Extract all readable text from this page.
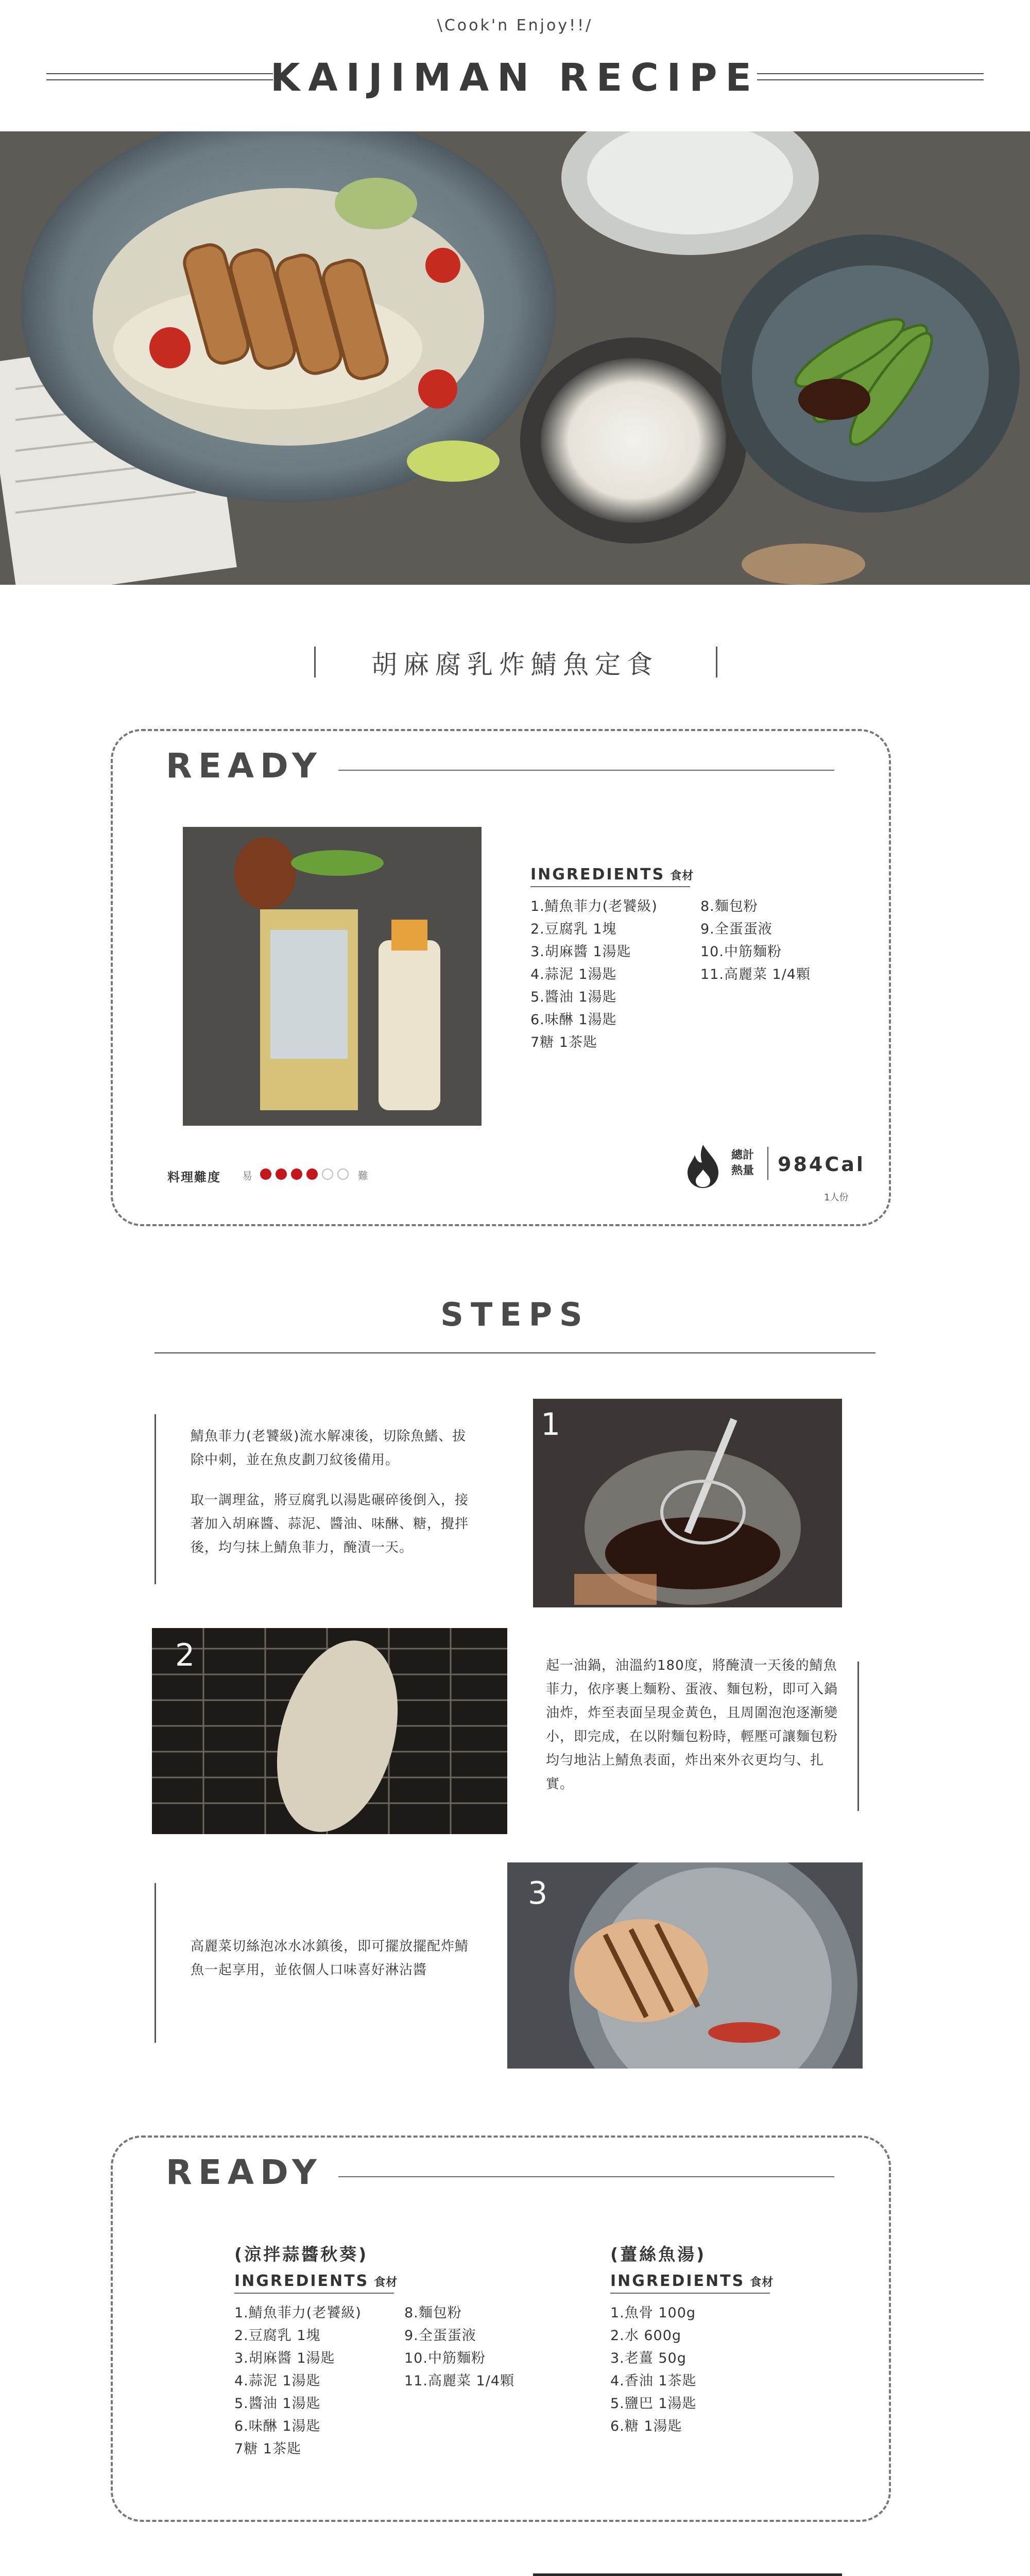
\Cook'n Enjoy!!/
KAIJIMAN RECIPE
胡麻腐乳炸鯖魚定食
READY
INGREDIENTS 食材
1.鯖魚菲力(老饕級)
2.豆腐乳 1塊
3.胡麻醬 1湯匙
4.蒜泥 1湯匙
5.醬油 1湯匙
6.味醂 1湯匙
7糖 1茶匙
8.麵包粉
9.全蛋蛋液
10.中筋麵粉
11.高麗菜 1/4顆
料理難度 易	難
總計熱量	984Cal
1人份
STEPS

鯖魚菲力(老饕級)流水解凍後，切除魚鰭、拔除中刺，並在魚皮劃刀紋後備用。

取一調理盆，將豆腐乳以湯匙碾碎後倒入，接著加入胡麻醬、蒜泥、醬油、味醂、糖，攪拌後，均勻抹上鯖魚菲力，醃漬一天。

1
2	起一油鍋，油溫約180度，將醃漬一天後的鯖魚菲力，依序裹上麵粉、蛋液、麵包粉，即可入鍋油炸，炸至表面呈現金黃色，且周圍泡泡逐漸變小，即完成，在以附麵包粉時，輕壓可讓麵包粉均勻地沾上鯖魚表面，炸出來外衣更均勻、扎實。

高麗菜切絲泡冰水冰鎮後，即可擺放擺配炸鯖魚一起享用，並依個人口味喜好淋沾醬

3
READY
(涼拌蒜醬秋葵)
INGREDIENTS 食材
1.鯖魚菲力(老饕級)
2.豆腐乳 1塊
3.胡麻醬 1湯匙
4.蒜泥 1湯匙
5.醬油 1湯匙
6.味醂 1湯匙
7糖 1茶匙
8.麵包粉
9.全蛋蛋液
10.中筋麵粉
11.高麗菜 1/4顆
(薑絲魚湯)
INGREDIENTS 食材
1.魚骨 100g
2.水 600g
3.老薑 50g
4.香油 1茶匙
5.鹽巴 1湯匙
6.糖 1湯匙
